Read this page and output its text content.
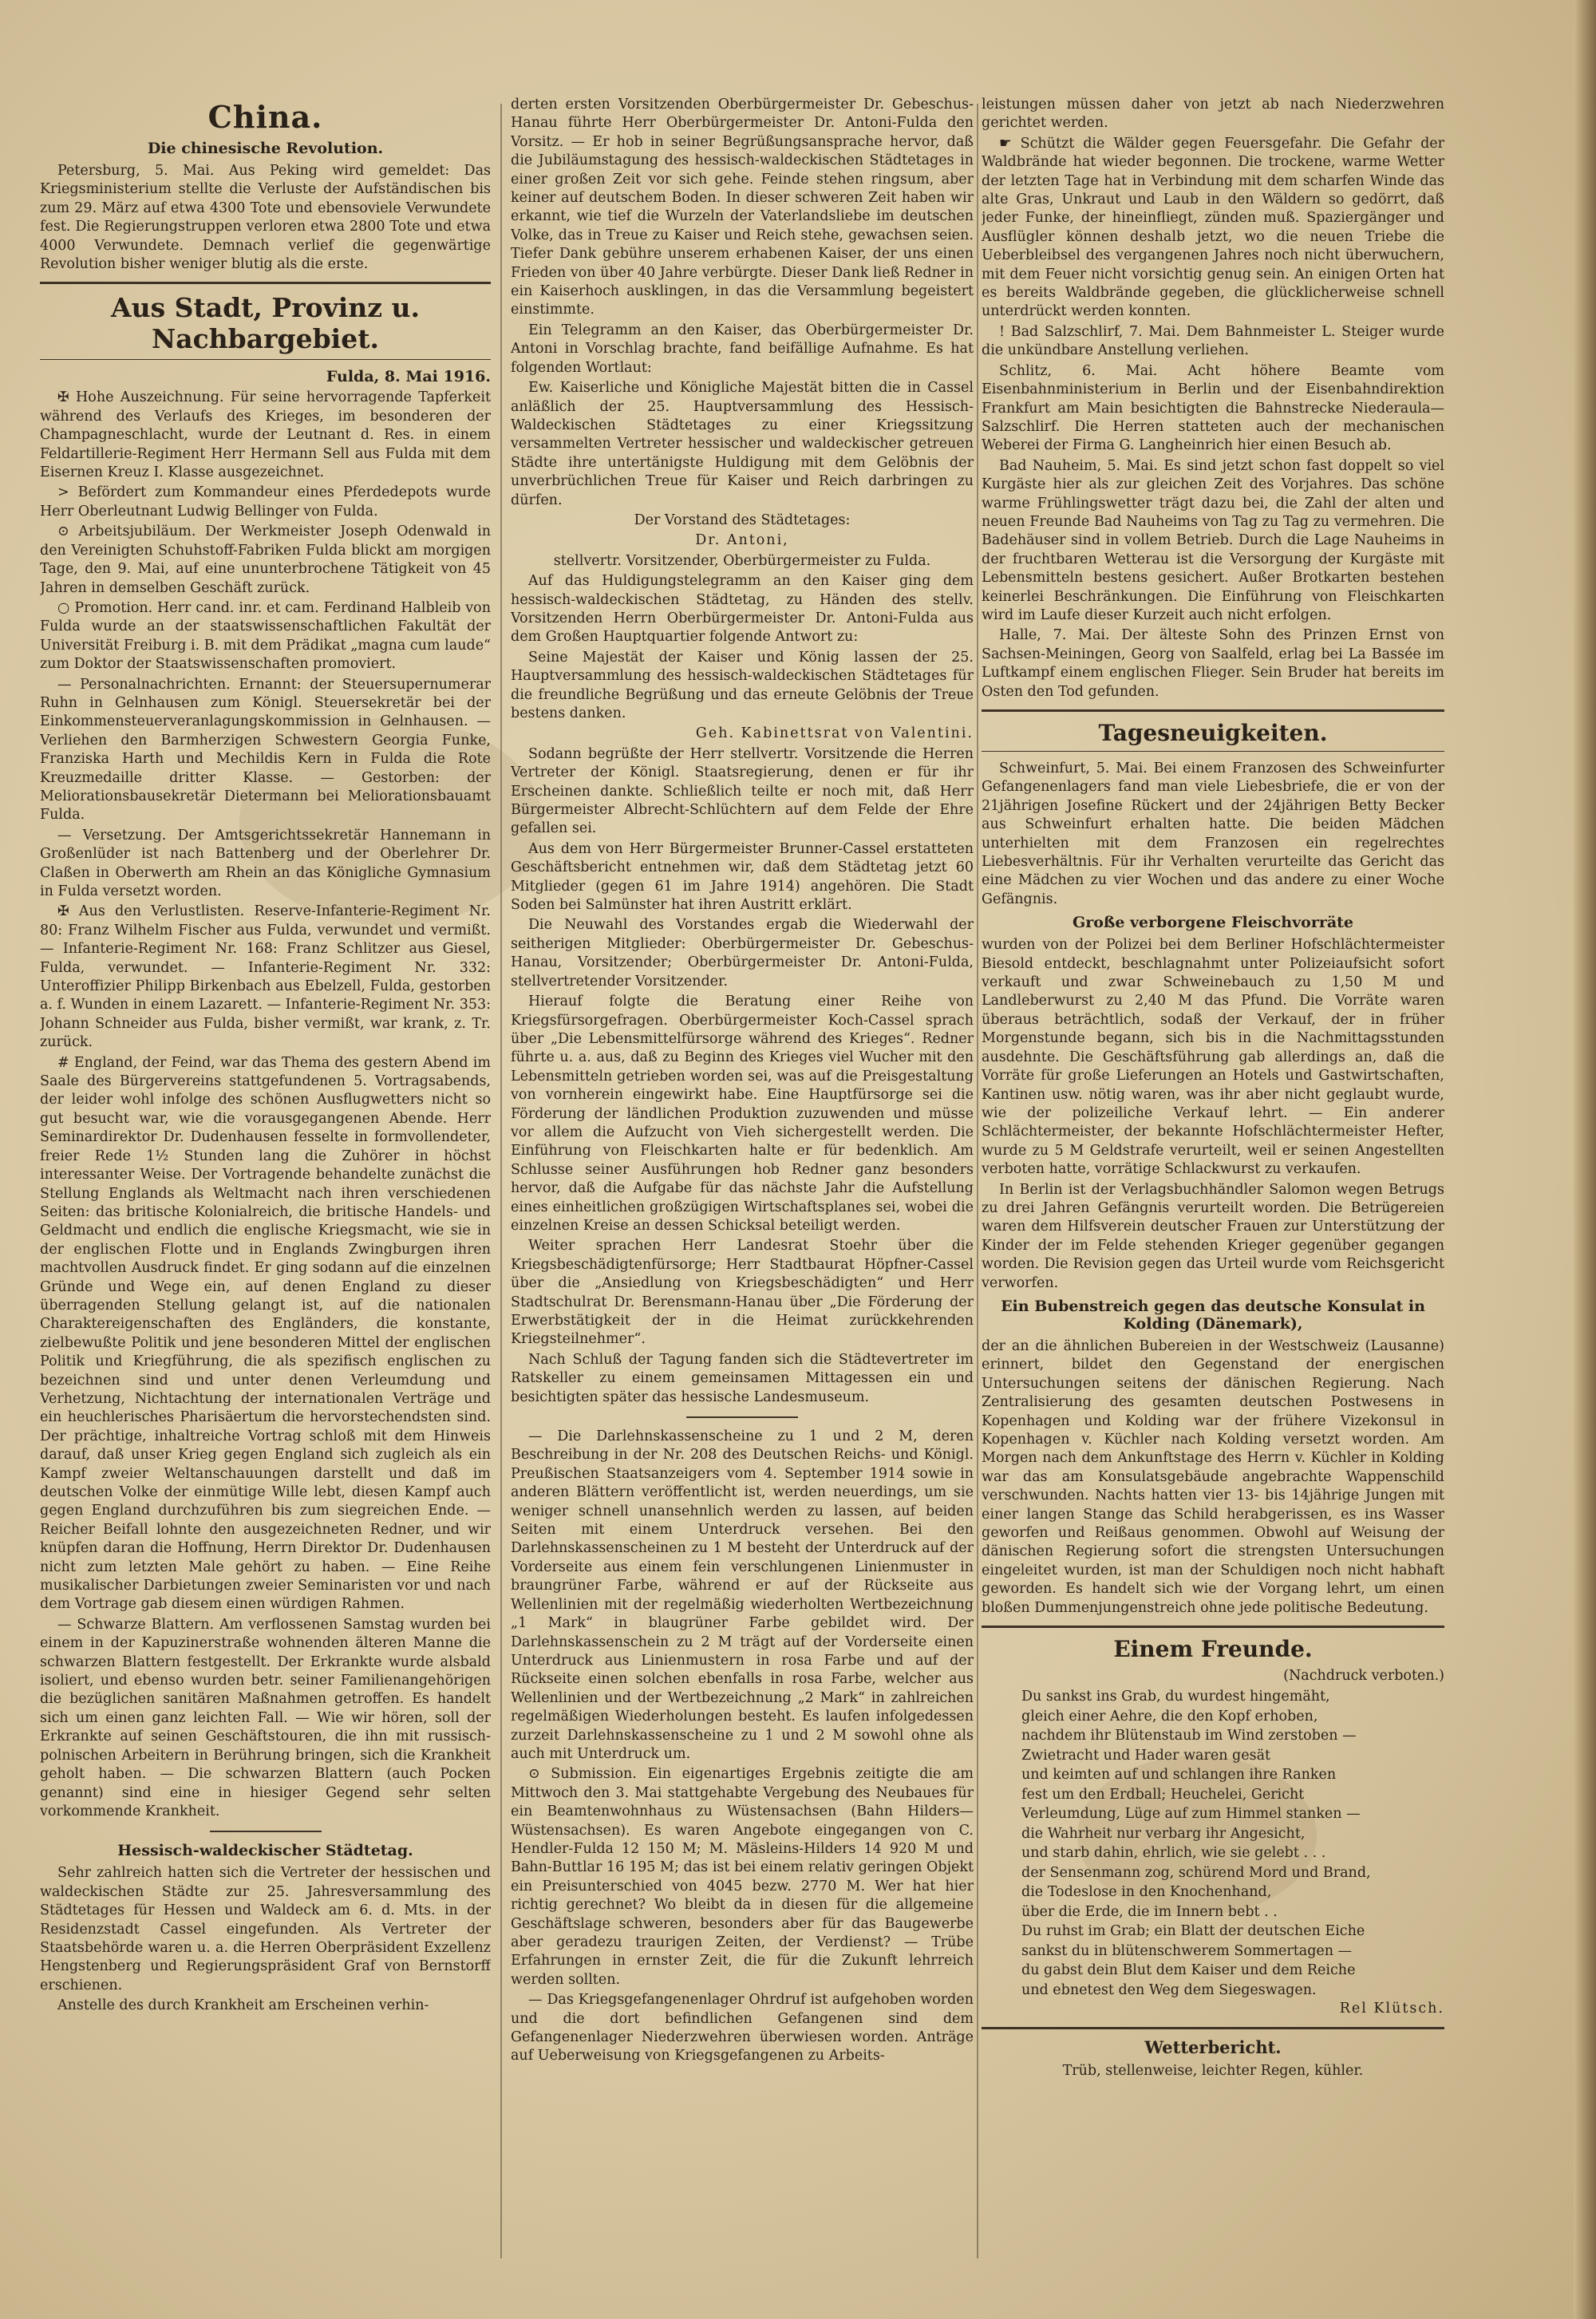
China.
Die chinesische Revolution.

Petersburg, 5. Mai. Aus Peking wird gemeldet: Das Kriegsministerium stellte die Verluste der Aufständischen bis zum 29. März auf etwa 4300 Tote und ebensoviele Verwundete fest. Die Regierungstruppen verloren etwa 2800 Tote und etwa 4000 Verwundete. Demnach verlief die gegenwärtige Revolution bisher weniger blutig als die erste.

Aus Stadt, Provinz u. Nachbargebiet.
Fulda, 8. Mai 1916.

✠ Hohe Auszeichnung. Für seine hervorragende Tapferkeit während des Verlaufs des Krieges, im besonderen der Champagneschlacht, wurde der Leutnant d. Res. in einem Feldartillerie-Regiment Herr Hermann Sell aus Fulda mit dem Eisernen Kreuz I. Klasse ausgezeichnet.

> Befördert zum Kommandeur eines Pferdedepots wurde Herr Oberleutnant Ludwig Bellinger von Fulda.

⊙ Arbeitsjubiläum. Der Werkmeister Joseph Odenwald in den Vereinigten Schuhstoff-Fabriken Fulda blickt am morgigen Tage, den 9. Mai, auf eine ununterbrochene Tätigkeit von 45 Jahren in demselben Geschäft zurück.

○ Promotion. Herr cand. inr. et cam. Ferdinand Halbleib von Fulda wurde an der staatswissenschaftlichen Fakultät der Universität Freiburg i. B. mit dem Prädikat „magna cum laude“ zum Doktor der Staatswissenschaften promoviert.

— Personalnachrichten. Ernannt: der Steuersupernumerar Ruhn in Gelnhausen zum Königl. Steuersekretär bei der Einkommensteuerveranlagungskommission in Gelnhausen. — Verliehen den Barmherzigen Schwestern Georgia Funke, Franziska Harth und Mechildis Kern in Fulda die Rote Kreuzmedaille dritter Klasse. — Gestorben: der Meliorationsbausekretär Dietermann bei Meliorationsbauamt Fulda.

— Versetzung. Der Amtsgerichtssekretär Hannemann in Großenlüder ist nach Battenberg und der Oberlehrer Dr. Claßen in Oberwerth am Rhein an das Königliche Gymnasium in Fulda versetzt worden.

✠ Aus den Verlustlisten. Reserve-Infanterie-Regiment Nr. 80: Franz Wilhelm Fischer aus Fulda, verwundet und vermißt. — Infanterie-Regiment Nr. 168: Franz Schlitzer aus Giesel, Fulda, verwundet. — Infanterie-Regiment Nr. 332: Unteroffizier Philipp Birkenbach aus Ebelzell, Fulda, gestorben a. f. Wunden in einem Lazarett. — Infanterie-Regiment Nr. 353: Johann Schneider aus Fulda, bisher vermißt, war krank, z. Tr. zurück.

# England, der Feind, war das Thema des gestern Abend im Saale des Bürgervereins stattgefundenen 5. Vortragsabends, der leider wohl infolge des schönen Ausflugwetters nicht so gut besucht war, wie die vorausgegangenen Abende. Herr Seminardirektor Dr. Dudenhausen fesselte in formvollendeter, freier Rede 1½ Stunden lang die Zuhörer in höchst interessanter Weise. Der Vortragende behandelte zunächst die Stellung Englands als Weltmacht nach ihren verschiedenen Seiten: das britische Kolonialreich, die britische Handels- und Geldmacht und endlich die englische Kriegsmacht, wie sie in der englischen Flotte und in Englands Zwingburgen ihren machtvollen Ausdruck findet. Er ging sodann auf die einzelnen Gründe und Wege ein, auf denen England zu dieser überragenden Stellung gelangt ist, auf die nationalen Charaktereigenschaften des Engländers, die konstante, zielbewußte Politik und jene besonderen Mittel der englischen Politik und Kriegführung, die als spezifisch englischen zu bezeichnen sind und unter denen Verleumdung und Verhetzung, Nichtachtung der internationalen Verträge und ein heuchlerisches Pharisäertum die hervorstechendsten sind. Der prächtige, inhaltreiche Vortrag schloß mit dem Hinweis darauf, daß unser Krieg gegen England sich zugleich als ein Kampf zweier Weltanschauungen darstellt und daß im deutschen Volke der einmütige Wille lebt, diesen Kampf auch gegen England durchzuführen bis zum siegreichen Ende. — Reicher Beifall lohnte den ausgezeichneten Redner, und wir knüpfen daran die Hoffnung, Herrn Direktor Dr. Dudenhausen nicht zum letzten Male gehört zu haben. — Eine Reihe musikalischer Darbietungen zweier Seminaristen vor und nach dem Vortrage gab diesem einen würdigen Rahmen.

— Schwarze Blattern. Am verflossenen Samstag wurden bei einem in der Kapuzinerstraße wohnenden älteren Manne die schwarzen Blattern festgestellt. Der Erkrankte wurde alsbald isoliert, und ebenso wurden betr. seiner Familienangehörigen die bezüglichen sanitären Maßnahmen getroffen. Es handelt sich um einen ganz leichten Fall. — Wie wir hören, soll der Erkrankte auf seinen Geschäftstouren, die ihn mit russisch-polnischen Arbeitern in Berührung bringen, sich die Krankheit geholt haben. — Die schwarzen Blattern (auch Pocken genannt) sind eine in hiesiger Gegend sehr selten vorkommende Krankheit.

Hessisch-waldeckischer Städtetag.

Sehr zahlreich hatten sich die Vertreter der hessischen und waldeckischen Städte zur 25. Jahresversammlung des Städtetages für Hessen und Waldeck am 6. d. Mts. in der Residenzstadt Cassel eingefunden. Als Vertreter der Staatsbehörde waren u. a. die Herren Oberpräsident Exzellenz Hengstenberg und Regierungspräsident Graf von Bernstorff erschienen.

Anstelle des durch Krankheit am Erscheinen verhin-

derten ersten Vorsitzenden Oberbürgermeister Dr. Gebeschus-Hanau führte Herr Oberbürgermeister Dr. Antoni-Fulda den Vorsitz. — Er hob in seiner Begrüßungsansprache hervor, daß die Jubiläumstagung des hessisch-waldeckischen Städtetages in einer großen Zeit vor sich gehe. Feinde stehen ringsum, aber keiner auf deutschem Boden. In dieser schweren Zeit haben wir erkannt, wie tief die Wurzeln der Vaterlandsliebe im deutschen Volke, das in Treue zu Kaiser und Reich stehe, gewachsen seien. Tiefer Dank gebühre unserem erhabenen Kaiser, der uns einen Frieden von über 40 Jahre verbürgte. Dieser Dank ließ Redner in ein Kaiserhoch ausklingen, in das die Versammlung begeistert einstimmte.

Ein Telegramm an den Kaiser, das Oberbürgermeister Dr. Antoni in Vorschlag brachte, fand beifällige Aufnahme. Es hat folgenden Wortlaut:

Ew. Kaiserliche und Königliche Majestät bitten die in Cassel anläßlich der 25. Hauptversammlung des Hessisch-Waldeckischen Städtetages zu einer Kriegssitzung versammelten Vertreter hessischer und waldeckischer getreuen Städte ihre untertänigste Huldigung mit dem Gelöbnis der unverbrüchlichen Treue für Kaiser und Reich darbringen zu dürfen.

Der Vorstand des Städtetages:

Dr. Antoni,

stellvertr. Vorsitzender, Oberbürgermeister zu Fulda.

Auf das Huldigungstelegramm an den Kaiser ging dem hessisch-waldeckischen Städtetag, zu Händen des stellv. Vorsitzenden Herrn Oberbürgermeister Dr. Antoni-Fulda aus dem Großen Hauptquartier folgende Antwort zu:

Seine Majestät der Kaiser und König lassen der 25. Hauptversammlung des hessisch-waldeckischen Städtetages für die freundliche Begrüßung und das erneute Gelöbnis der Treue bestens danken.

Geh. Kabinettsrat von Valentini.

Sodann begrüßte der Herr stellvertr. Vorsitzende die Herren Vertreter der Königl. Staatsregierung, denen er für ihr Erscheinen dankte. Schließlich teilte er noch mit, daß Herr Bürgermeister Albrecht-Schlüchtern auf dem Felde der Ehre gefallen sei.

Aus dem von Herr Bürgermeister Brunner-Cassel erstatteten Geschäftsbericht entnehmen wir, daß dem Städtetag jetzt 60 Mitglieder (gegen 61 im Jahre 1914) angehören. Die Stadt Soden bei Salmünster hat ihren Austritt erklärt.

Die Neuwahl des Vorstandes ergab die Wiederwahl der seitherigen Mitglieder: Oberbürgermeister Dr. Gebeschus-Hanau, Vorsitzender; Oberbürgermeister Dr. Antoni-Fulda, stellvertretender Vorsitzender.

Hierauf folgte die Beratung einer Reihe von Kriegsfürsorgefragen. Oberbürgermeister Koch-Cassel sprach über „Die Lebensmittelfürsorge während des Krieges“. Redner führte u. a. aus, daß zu Beginn des Krieges viel Wucher mit den Lebensmitteln getrieben worden sei, was auf die Preisgestaltung von vornherein eingewirkt habe. Eine Hauptfürsorge sei die Förderung der ländlichen Produktion zuzuwenden und müsse vor allem die Aufzucht von Vieh sichergestellt werden. Die Einführung von Fleischkarten halte er für bedenklich. Am Schlusse seiner Ausführungen hob Redner ganz besonders hervor, daß die Aufgabe für das nächste Jahr die Aufstellung eines einheitlichen großzügigen Wirtschaftsplanes sei, wobei die einzelnen Kreise an dessen Schicksal beteiligt werden.

Weiter sprachen Herr Landesrat Stoehr über die Kriegsbeschädigtenfürsorge; Herr Stadtbaurat Höpfner-Cassel über die „Ansiedlung von Kriegsbeschädigten“ und Herr Stadtschulrat Dr. Berensmann-Hanau über „Die Förderung der Erwerbstätigkeit der in die Heimat zurückkehrenden Kriegsteilnehmer“.

Nach Schluß der Tagung fanden sich die Städtevertreter im Ratskeller zu einem gemeinsamen Mittagessen ein und besichtigten später das hessische Landesmuseum.

— Die Darlehnskassenscheine zu 1 und 2 M, deren Beschreibung in der Nr. 208 des Deutschen Reichs- und Königl. Preußischen Staatsanzeigers vom 4. September 1914 sowie in anderen Blättern veröffentlicht ist, werden neuerdings, um sie weniger schnell unansehnlich werden zu lassen, auf beiden Seiten mit einem Unterdruck versehen. Bei den Darlehnskassenscheinen zu 1 M besteht der Unterdruck auf der Vorderseite aus einem fein verschlungenen Linienmuster in braungrüner Farbe, während er auf der Rückseite aus Wellenlinien mit der regelmäßig wiederholten Wertbezeichnung „1 Mark“ in blaugrüner Farbe gebildet wird. Der Darlehnskassenschein zu 2 M trägt auf der Vorderseite einen Unterdruck aus Linienmustern in rosa Farbe und auf der Rückseite einen solchen ebenfalls in rosa Farbe, welcher aus Wellenlinien und der Wertbezeichnung „2 Mark“ in zahlreichen regelmäßigen Wiederholungen besteht. Es laufen infolgedessen zurzeit Darlehnskassenscheine zu 1 und 2 M sowohl ohne als auch mit Unterdruck um.

⊙ Submission. Ein eigenartiges Ergebnis zeitigte die am Mittwoch den 3. Mai stattgehabte Vergebung des Neubaues für ein Beamtenwohnhaus zu Wüstensachsen (Bahn Hilders—Wüstensachsen). Es waren Angebote eingegangen von C. Hendler-Fulda 12 150 M; M. Mäsleins-Hilders 14 920 M und Bahn-Buttlar 16 195 M; das ist bei einem relativ geringen Objekt ein Preisunterschied von 4045 bezw. 2770 M. Wer hat hier richtig gerechnet? Wo bleibt da in diesen für die allgemeine Geschäftslage schweren, besonders aber für das Baugewerbe aber geradezu traurigen Zeiten, der Verdienst? — Trübe Erfahrungen in ernster Zeit, die für die Zukunft lehrreich werden sollten.

— Das Kriegsgefangenenlager Ohrdruf ist aufgehoben worden und die dort befindlichen Gefangenen sind dem Gefangenenlager Niederzwehren überwiesen worden. Anträge auf Ueberweisung von Kriegsgefangenen zu Arbeits-

leistungen müssen daher von jetzt ab nach Niederzwehren gerichtet werden.

☛ Schützt die Wälder gegen Feuersgefahr. Die Gefahr der Waldbrände hat wieder begonnen. Die trockene, warme Wetter der letzten Tage hat in Verbindung mit dem scharfen Winde das alte Gras, Unkraut und Laub in den Wäldern so gedörrt, daß jeder Funke, der hineinfliegt, zünden muß. Spaziergänger und Ausflügler können deshalb jetzt, wo die neuen Triebe die Ueberbleibsel des vergangenen Jahres noch nicht überwuchern, mit dem Feuer nicht vorsichtig genug sein. An einigen Orten hat es bereits Waldbrände gegeben, die glücklicherweise schnell unterdrückt werden konnten.

! Bad Salzschlirf, 7. Mai. Dem Bahnmeister L. Steiger wurde die unkündbare Anstellung verliehen.

Schlitz, 6. Mai. Acht höhere Beamte vom Eisenbahnministerium in Berlin und der Eisenbahndirektion Frankfurt am Main besichtigten die Bahnstrecke Niederaula—Salzschlirf. Die Herren statteten auch der mechanischen Weberei der Firma G. Langheinrich hier einen Besuch ab.

Bad Nauheim, 5. Mai. Es sind jetzt schon fast doppelt so viel Kurgäste hier als zur gleichen Zeit des Vorjahres. Das schöne warme Frühlingswetter trägt dazu bei, die Zahl der alten und neuen Freunde Bad Nauheims von Tag zu Tag zu vermehren. Die Badehäuser sind in vollem Betrieb. Durch die Lage Nauheims in der fruchtbaren Wetterau ist die Versorgung der Kurgäste mit Lebensmitteln bestens gesichert. Außer Brotkarten bestehen keinerlei Beschränkungen. Die Einführung von Fleischkarten wird im Laufe dieser Kurzeit auch nicht erfolgen.

Halle, 7. Mai. Der älteste Sohn des Prinzen Ernst von Sachsen-Meiningen, Georg von Saalfeld, erlag bei La Bassée im Luftkampf einem englischen Flieger. Sein Bruder hat bereits im Osten den Tod gefunden.

Tagesneuigkeiten.

Schweinfurt, 5. Mai. Bei einem Franzosen des Schweinfurter Gefangenenlagers fand man viele Liebesbriefe, die er von der 21jährigen Josefine Rückert und der 24jährigen Betty Becker aus Schweinfurt erhalten hatte. Die beiden Mädchen unterhielten mit dem Franzosen ein regelrechtes Liebesverhältnis. Für ihr Verhalten verurteilte das Gericht das eine Mädchen zu vier Wochen und das andere zu einer Woche Gefängnis.

Große verborgene Fleischvorräte

wurden von der Polizei bei dem Berliner Hofschlächtermeister Biesold entdeckt, beschlagnahmt unter Polizeiaufsicht sofort verkauft und zwar Schweinebauch zu 1,50 M und Landleberwurst zu 2,40 M das Pfund. Die Vorräte waren überaus beträchtlich, sodaß der Verkauf, der in früher Morgenstunde begann, sich bis in die Nachmittagsstunden ausdehnte. Die Geschäftsführung gab allerdings an, daß die Vorräte für große Lieferungen an Hotels und Gastwirtschaften, Kantinen usw. nötig waren, was ihr aber nicht geglaubt wurde, wie der polizeiliche Verkauf lehrt. — Ein anderer Schlächtermeister, der bekannte Hofschlächtermeister Hefter, wurde zu 5 M Geldstrafe verurteilt, weil er seinen Angestellten verboten hatte, vorrätige Schlackwurst zu verkaufen.

In Berlin ist der Verlagsbuchhändler Salomon wegen Betrugs zu drei Jahren Gefängnis verurteilt worden. Die Betrügereien waren dem Hilfsverein deutscher Frauen zur Unterstützung der Kinder der im Felde stehenden Krieger gegenüber gegangen worden. Die Revision gegen das Urteil wurde vom Reichsgericht verworfen.

Ein Bubenstreich gegen das deutsche Konsulat in Kolding (Dänemark),

der an die ähnlichen Bubereien in der Westschweiz (Lausanne) erinnert, bildet den Gegenstand der energischen Untersuchungen seitens der dänischen Regierung. Nach Zentralisierung des gesamten deutschen Postwesens in Kopenhagen und Kolding war der frühere Vizekonsul in Kopenhagen v. Küchler nach Kolding versetzt worden. Am Morgen nach dem Ankunftstage des Herrn v. Küchler in Kolding war das am Konsulatsgebäude angebrachte Wappenschild verschwunden. Nachts hatten vier 13- bis 14jährige Jungen mit einer langen Stange das Schild herabgerissen, es ins Wasser geworfen und Reißaus genommen. Obwohl auf Weisung der dänischen Regierung sofort die strengsten Untersuchungen eingeleitet wurden, ist man der Schuldigen noch nicht habhaft geworden. Es handelt sich wie der Vorgang lehrt, um einen bloßen Dummenjungenstreich ohne jede politische Bedeutung.

Einem Freunde.

(Nachdruck verboten.)

Du sankst ins Grab, du wurdest hingemäht,
gleich einer Aehre, die den Kopf erhoben,
nachdem ihr Blütenstaub im Wind zerstoben —
Zwietracht und Hader waren gesät
und keimten auf und schlangen ihre Ranken
fest um den Erdball; Heuchelei, Gericht
Verleumdung, Lüge auf zum Himmel stanken —
die Wahrheit nur verbarg ihr Angesicht,
und starb dahin, ehrlich, wie sie gelebt . . .
der Sensenmann zog, schürend Mord und Brand,
die Todeslose in den Knochenhand,
über die Erde, die im Innern bebt . .
Du ruhst im Grab; ein Blatt der deutschen Eiche
sankst du in blütenschwerem Sommertagen —
du gabst dein Blut dem Kaiser und dem Reiche
und ebnetest den Weg dem Siegeswagen.

Rel Klütsch.

Wetterbericht.

Trüb, stellenweise, leichter Regen, kühler.
